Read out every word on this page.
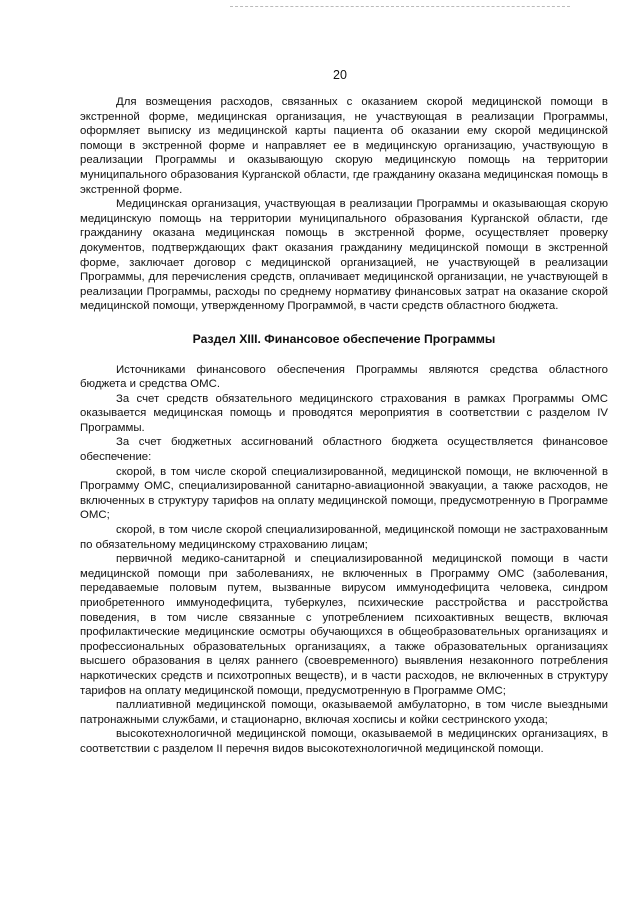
20

Для возмещения расходов, связанных с оказанием скорой медицинской помощи в экстренной форме, медицинская организация, не участвующая в реализации Программы, оформляет выписку из медицинской карты пациента об оказании ему скорой медицинской помощи в экстренной форме и направляет ее в медицинскую организацию, участвующую в реализации Программы и оказывающую скорую медицинскую помощь на территории муниципального образования Курганской области, где гражданину оказана медицинская помощь в экстренной форме.

Медицинская организация, участвующая в реализации Программы и оказывающая скорую медицинскую помощь на территории муниципального образования Курганской области, где гражданину оказана медицинская помощь в экстренной форме, осуществляет проверку документов, подтверждающих факт оказания гражданину медицинской помощи в экстренной форме, заключает договор с медицинской организацией, не участвующей в реализации Программы, для перечисления средств, оплачивает медицинской организации, не участвующей в реализации Программы, расходы по среднему нормативу финансовых затрат на оказание скорой медицинской помощи, утвержденному Программой, в части средств областного бюджета.

Раздел XIII. Финансовое обеспечение Программы

Источниками финансового обеспечения Программы являются средства областного бюджета и средства ОМС.

За счет средств обязательного медицинского страхования в рамках Программы ОМС оказывается медицинская помощь и проводятся мероприятия в соответствии с разделом IV Программы.

За счет бюджетных ассигнований областного бюджета осуществляется финансовое обеспечение:

скорой, в том числе скорой специализированной, медицинской помощи, не включенной в Программу ОМС, специализированной санитарно-авиационной эвакуации, а также расходов, не включенных в структуру тарифов на оплату медицинской помощи, предусмотренную в Программе ОМС;

скорой, в том числе скорой специализированной, медицинской помощи не застрахованным по обязательному медицинскому страхованию лицам;

первичной медико-санитарной и специализированной медицинской помощи в части медицинской помощи при заболеваниях, не включенных в Программу ОМС (заболевания, передаваемые половым путем, вызванные вирусом иммунодефицита человека, синдром приобретенного иммунодефицита, туберкулез, психические расстройства и расстройства поведения, в том числе связанные с употреблением психоактивных веществ, включая профилактические медицинские осмотры обучающихся в общеобразовательных организациях и профессиональных образовательных организациях, а также образовательных организациях высшего образования в целях раннего (своевременного) выявления незаконного потребления наркотических средств и психотропных веществ), и в части расходов, не включенных в структуру тарифов на оплату медицинской помощи, предусмотренную в Программе ОМС;

паллиативной медицинской помощи, оказываемой амбулаторно, в том числе выездными патронажными службами, и стационарно, включая хосписы и койки сестринского ухода;

высокотехнологичной медицинской помощи, оказываемой в медицинских организациях, в соответствии с разделом II перечня видов высокотехнологичной медицинской помощи.
